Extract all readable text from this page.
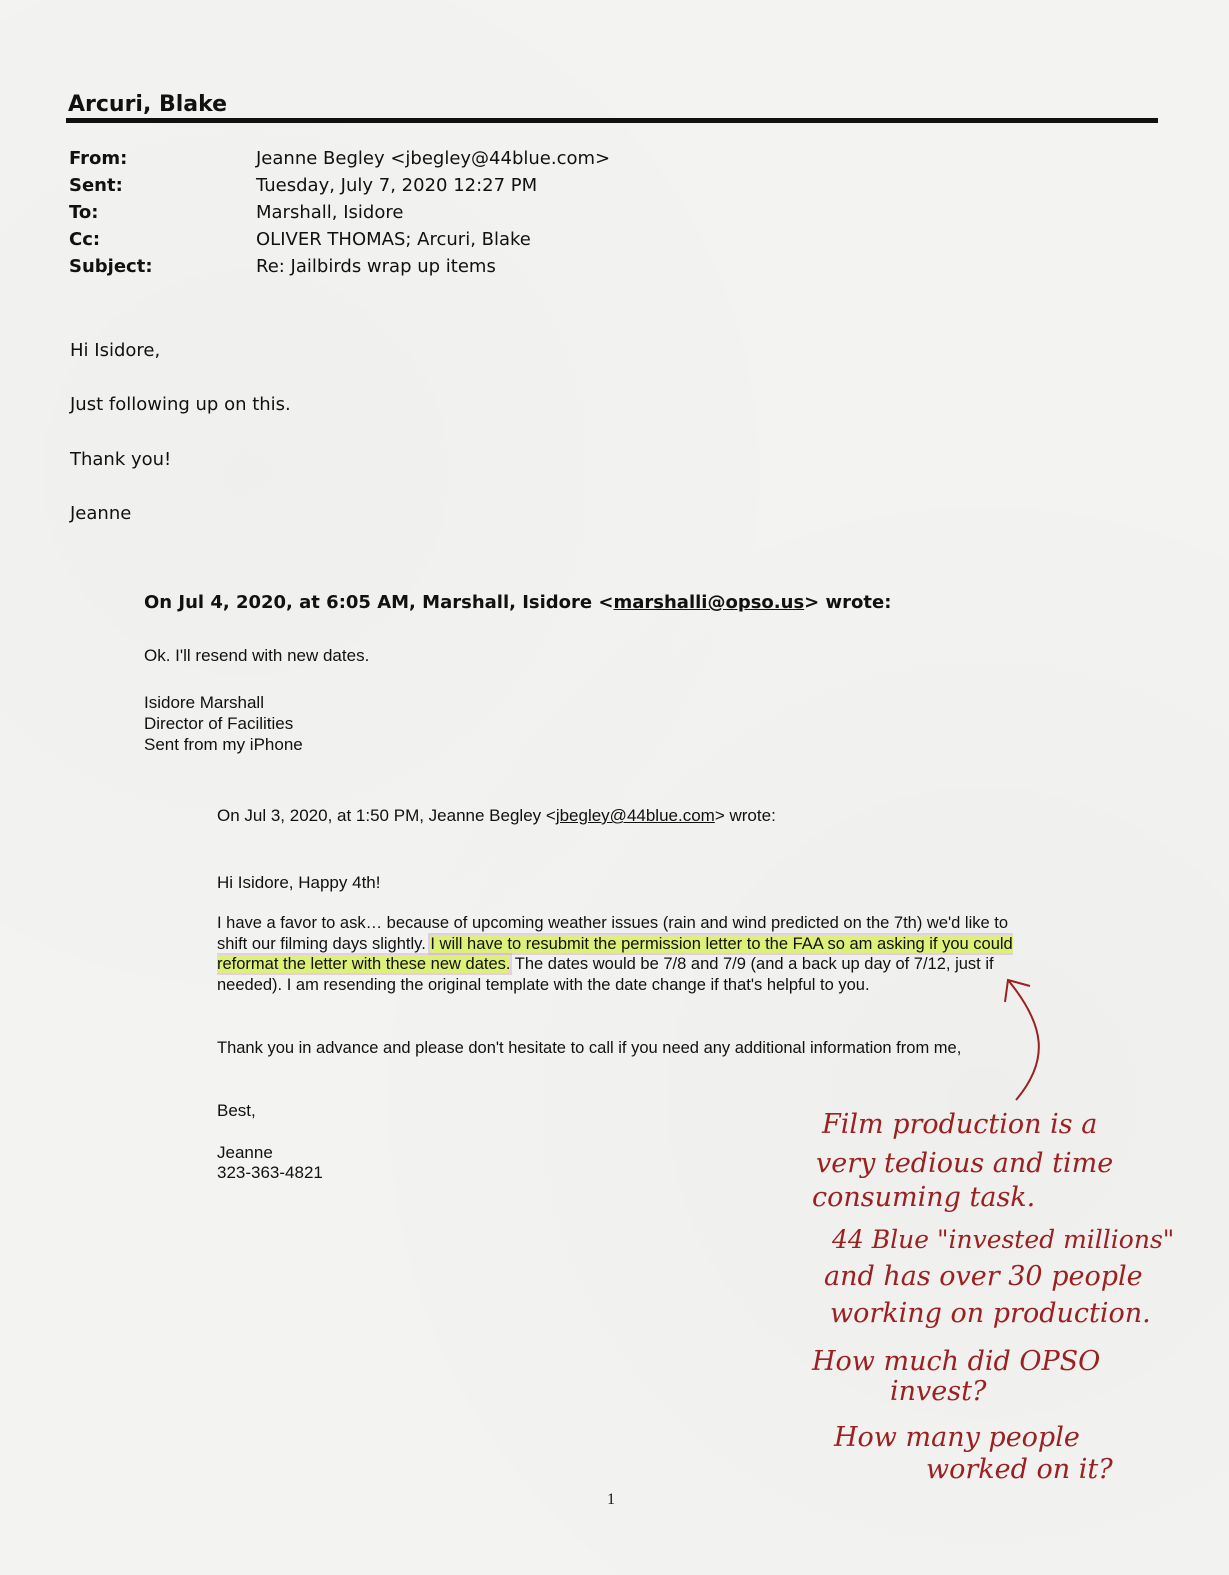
Arcuri, Blake
From:	Jeanne Begley <jbegley@44blue.com>
Sent:	Tuesday, July 7, 2020 12:27 PM
To:	Marshall, Isidore
Cc:	OLIVER THOMAS; Arcuri, Blake
Subject:	Re: Jailbirds wrap up items
Hi Isidore,
Just following up on this.
Thank you!
Jeanne
On Jul 4, 2020, at 6:05 AM, Marshall, Isidore <marshalli@opso.us> wrote:
Ok. I'll resend with new dates.
Isidore Marshall
Director of Facilities
Sent from my iPhone
On Jul 3, 2020, at 1:50 PM, Jeanne Begley <jbegley@44blue.com> wrote:
Hi Isidore, Happy 4th!
I have a favor to ask… because of upcoming weather issues (rain and wind predicted on the 7th) we'd like to shift our filming days slightly. I will have to resubmit the permission letter to the FAA so am asking if you could reformat the letter with these new dates. The dates would be 7/8 and 7/9 (and a back up day of 7/12, just if needed). I am resending the original template with the date change if that's helpful to you.
Thank you in advance and please don't hesitate to call if you need any additional information from me,
Best,
Jeanne
323-363-4821
Film production is a
very tedious and time
consuming task.
44 Blue "invested millions"
and has over 30 people
working on production.
How much did OPSO
invest?
How many people
worked on it?
1
